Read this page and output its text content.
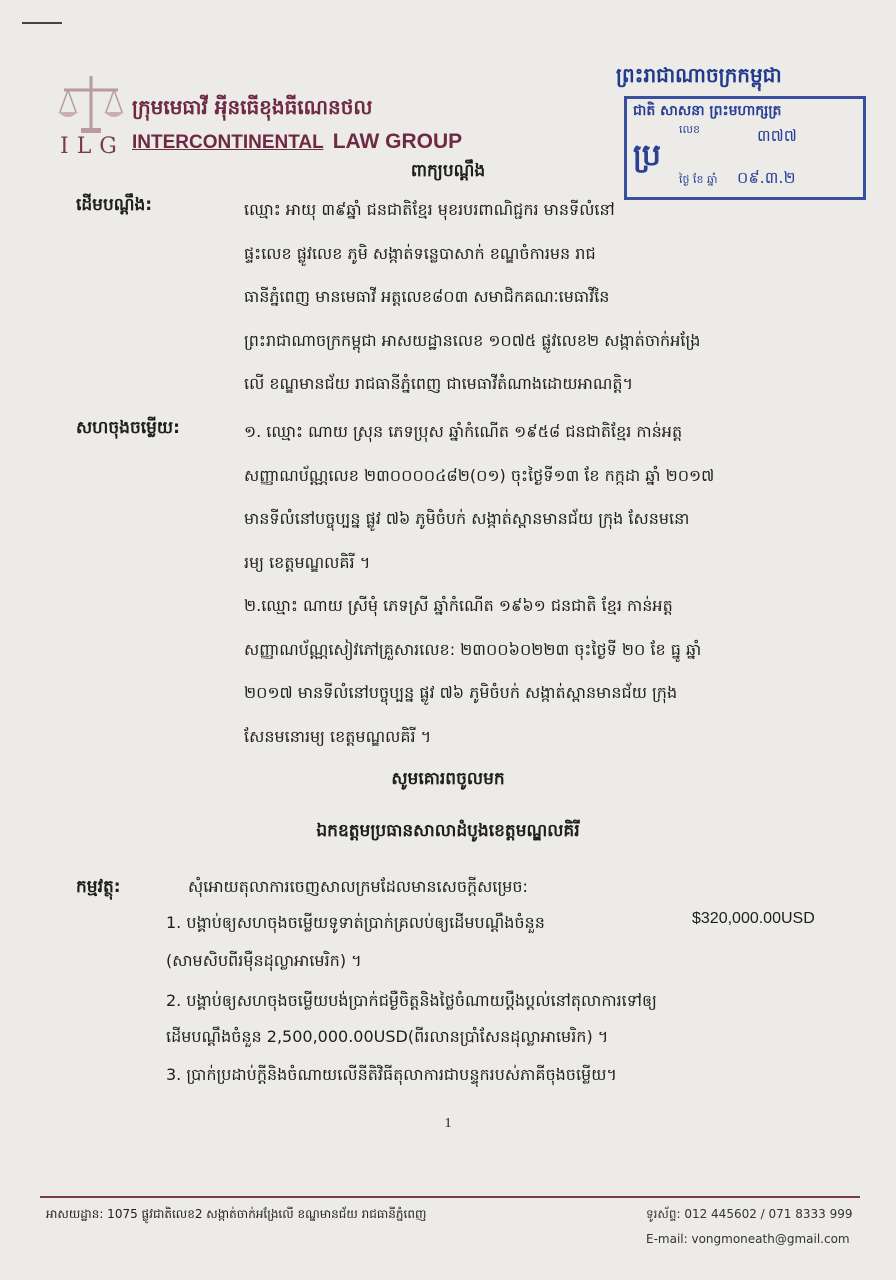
ILG
ក្រុមមេធាវី អុីនធើខុងធីណេនថល
INTERCONTINENTAL LAW GROUP
ព្រះរាជាណាចក្រកម្ពុជា
ជាតិ សាសនា ព្រះមហាក្សត្រ
លេខ	៣៧៧
ប្រ
ថ្ងៃ ខែ ឆ្នាំ ០៩.៣.២
ពាក្យបណ្តឹង
ដើមបណ្តឹង:	ឈ្មោះ អាយុ ៣៩ឆ្នាំ ជនជាតិខ្មែរ មុខរបរពាណិជ្ជករ មានទីលំនៅ
ផ្ទះលេខ ផ្លូវលេខ ភូមិ សង្កាត់ទន្លេបាសាក់ ខណ្ឌចំការមន រាជ
ធានីភ្នំពេញ មានមេធាវី អត្តលេខ៨០៣ សមាជិកគណៈមេធាវីនៃ
ព្រះរាជាណាចក្រកម្ពុជា អាសយដ្ឋានលេខ ១០៧៥ ផ្លូវលេខ២ សង្កាត់ចាក់អង្រែ
លើ ខណ្ឌមានជ័យ រាជធានីភ្នំពេញ ជាមេធាវីតំណាងដោយអាណត្តិ។
សហចុងចម្លើយ:	១. ឈ្មោះ ណាយ ស្រុន ភេទប្រុស ឆ្នាំកំណើត ១៩៥៨ ជនជាតិខ្មែរ កាន់អត្ត
សញ្ញាណប័ណ្ណលេខ ២៣០០០០៤៨២(០១) ចុះថ្ងៃទី១៣ ខែ កក្កដា ឆ្នាំ ២០១៧
មានទីលំនៅបច្ចុប្បន្ន ផ្លូវ ៧៦ ភូមិចំបក់ សង្កាត់ស្ពានមានជ័យ ក្រុង សែនមនោ
រម្យ ខេត្តមណ្ឌលគិរី ។
២.ឈ្មោះ ណាយ ស្រីមុំ ភេទស្រី ឆ្នាំកំណើត ១៩៦១ ជនជាតិ ខ្មែរ កាន់អត្ត
សញ្ញាណប័ណ្ណសៀវភៅគ្រួសារលេខ: ២៣០០៦០២២៣ ចុះថ្ងៃទី ២០ ខែ ធ្នូ ឆ្នាំ
២០១៧ មានទីលំនៅបច្ចុប្បន្ន ផ្លូវ ៧៦ ភូមិចំបក់ សង្កាត់ស្ពានមានជ័យ ក្រុង
សែនមនោរម្យ ខេត្តមណ្ឌលគិរី ។
សូមគោរពចូលមក
ឯកឧត្តមប្រធានសាលាដំបូងខេត្តមណ្ឌលគិរី
កម្មវត្ថុ:	សុំអោយតុលាការចេញសាលក្រមដែលមានសេចក្តីសម្រេច:
1. បង្គាប់ឲ្យសហចុងចម្លើយទូទាត់ប្រាក់គ្រលប់ឲ្យដើមបណ្តឹងចំនួន	$320,000.00USD
(សាមសិបពីរម៉ឺនដុល្លាអាមេរិក) ។
2. បង្គាប់ឲ្យសហចុងចម្លើយបង់ប្រាក់ជម្ងឺចិត្តនិងថ្លៃចំណាយប្តឹងប្តល់នៅតុលាការទៅឲ្យ
ដើមបណ្តឹងចំនួន 2,500,000.00USD(ពីរលានប្រាំសែនដុល្លាអាមេរិក) ។
3. ប្រាក់ប្រដាប់ក្តីនិងចំណាយលើនីតិវិធីតុលាការជាបន្ទុករបស់ភាគីចុងចម្លើយ។
1
អាសយដ្ឋាន: 1075 ផ្លូវជាតិលេខ2 សង្កាត់ចាក់អង្រែលើ ខណ្ឌមានជ័យ រាជធានីភ្នំពេញ	ទូរស័ព្ទ: 012 445602 / 071 8333 999
E-mail: vongmoneath@gmail.com
